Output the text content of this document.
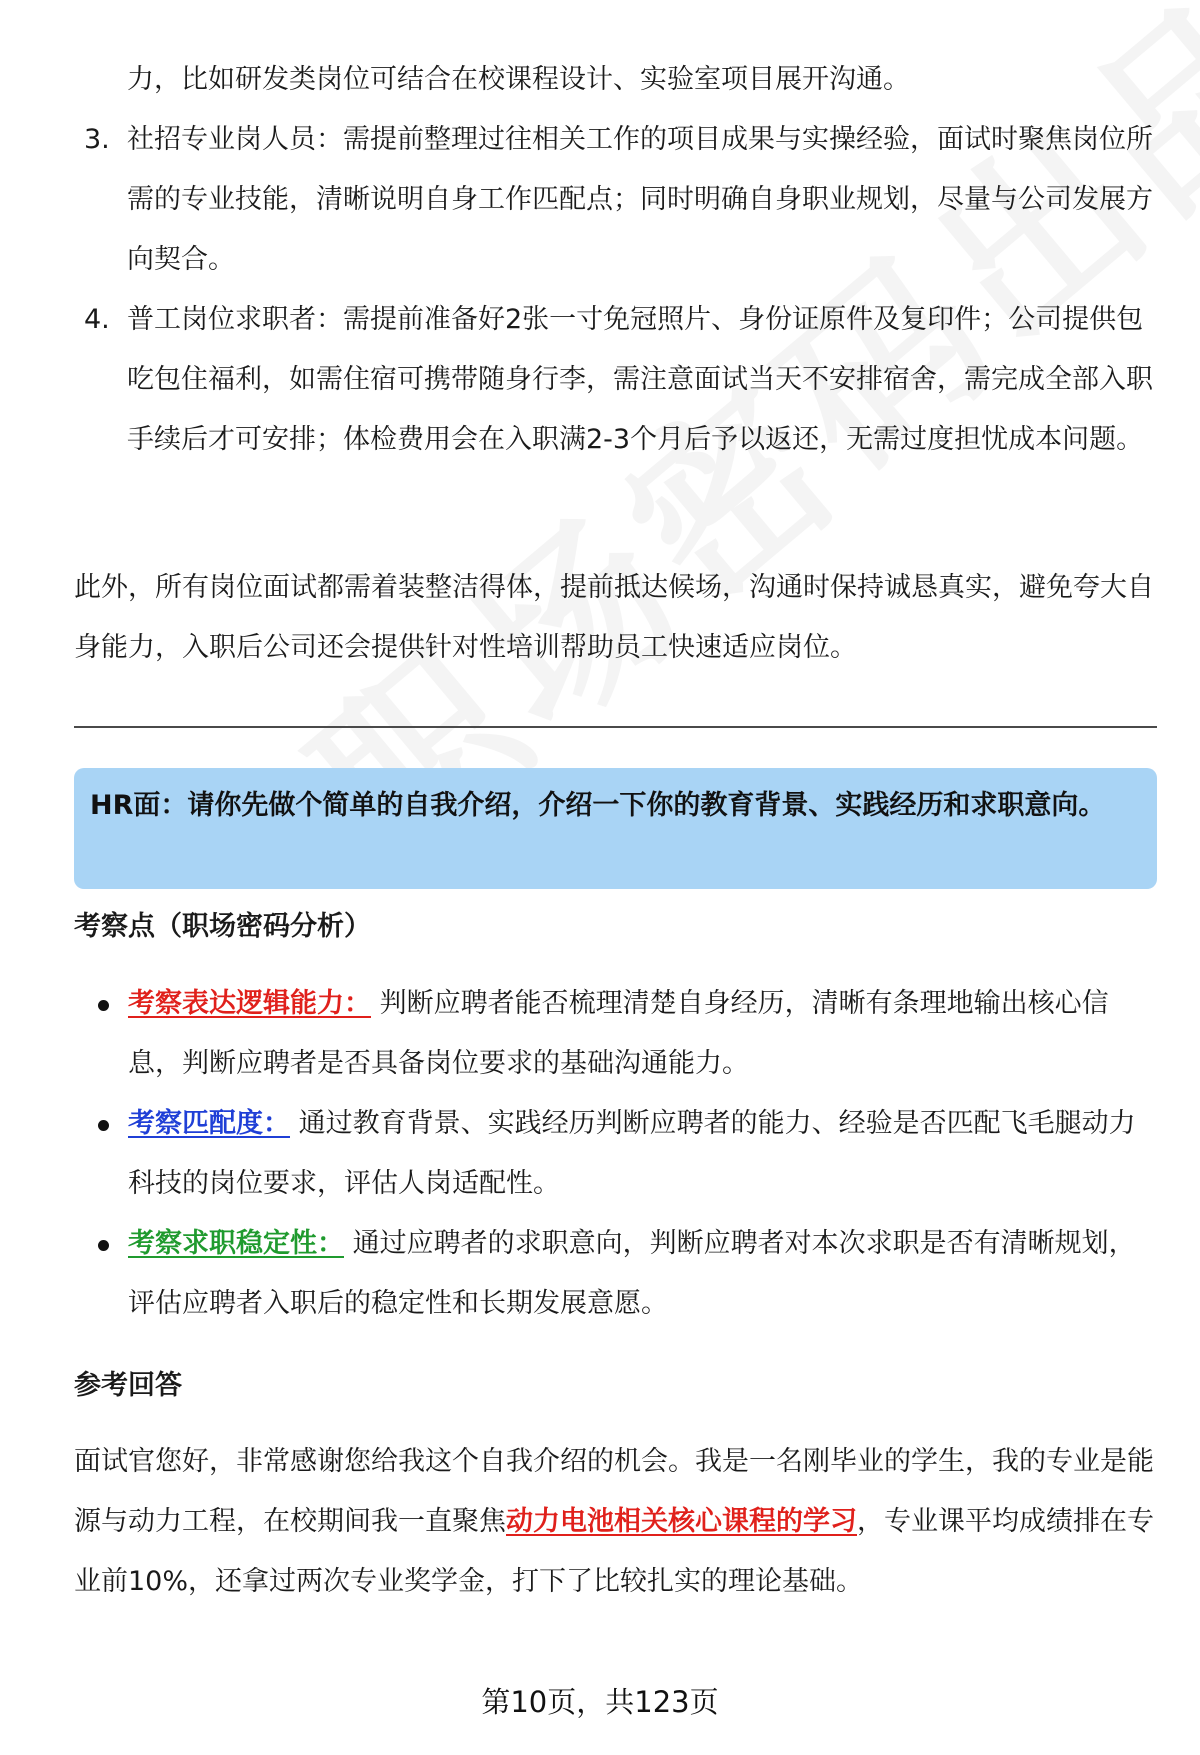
力，比如研发类岗位可结合在校课程设计、实验室项目展开沟通。

3. 社招专业岗人员：需提前整理过往相关工作的项目成果与实操经验，面试时聚焦岗位所需的专业技能，清晰说明自身工作匹配点；同时明确自身职业规划，尽量与公司发展方向契合。
4. 普工岗位求职者：需提前准备好2张一寸免冠照片、身份证原件及复印件；公司提供包吃包住福利，如需住宿可携带随身行李，需注意面试当天不安排宿舍，需完成全部入职手续后才可安排；体检费用会在入职满2-3个月后予以返还，无需过度担忧成本问题。

此外，所有岗位面试都需着装整洁得体，提前抵达候场，沟通时保持诚恳真实，避免夸大自身能力，入职后公司还会提供针对性培训帮助员工快速适应岗位。

HR面：请你先做个简单的自我介绍，介绍一下你的教育背景、实践经历和求职意向。

考察点（职场密码分析）
考察表达逻辑能力： 判断应聘者能否梳理清楚自身经历，清晰有条理地输出核心信息，判断应聘者是否具备岗位要求的基础沟通能力。
考察匹配度： 通过教育背景、实践经历判断应聘者的能力、经验是否匹配飞毛腿动力科技的岗位要求，评估人岗适配性。
考察求职稳定性： 通过应聘者的求职意向，判断应聘者对本次求职是否有清晰规划，评估应聘者入职后的稳定性和长期发展意愿。
参考回答

面试官您好，非常感谢您给我这个自我介绍的机会。我是一名刚毕业的学生，我的专业是能源与动力工程，在校期间我一直聚焦动力电池相关核心课程的学习，专业课平均成绩排在专业前10%，还拿过两次专业奖学金，打下了比较扎实的理论基础。

第10页，共123页
